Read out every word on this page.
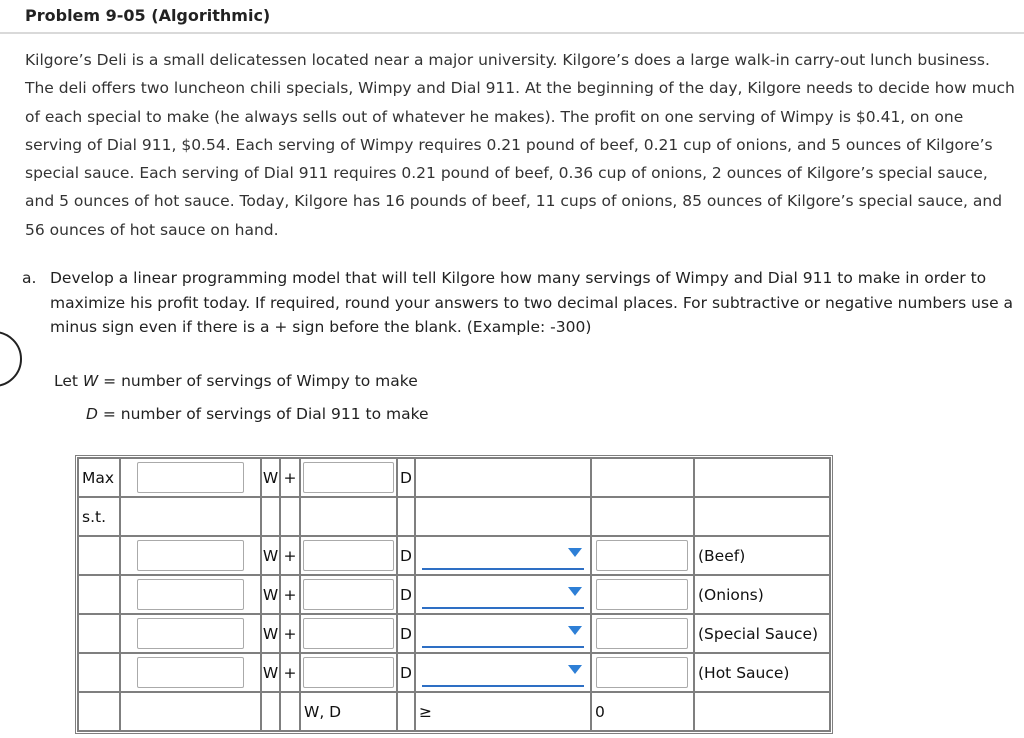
Problem 9-05 (Algorithmic)
Kilgore’s Deli is a small delicatessen located near a major university. Kilgore’s does a large walk-in carry-out lunch business. The deli offers two luncheon chili specials, Wimpy and Dial 911. At the beginning of the day, Kilgore needs to decide how much of each special to make (he always sells out of whatever he makes). The profit on one serving of Wimpy is $0.41, on one serving of Dial 911, $0.54. Each serving of Wimpy requires 0.21 pound of beef, 0.21 cup of onions, and 5 ounces of Kilgore’s special sauce. Each serving of Dial 911 requires 0.21 pound of beef, 0.36 cup of onions, 2 ounces of Kilgore’s special sauce, and 5 ounces of hot sauce. Today, Kilgore has 16 pounds of beef, 11 cups of onions, 85 ounces of Kilgore’s special sauce, and 56 ounces of hot sauce on hand.
a. Develop a linear programming model that will tell Kilgore how many servings of Wimpy and Dial 911 to make in order to maximize his profit today. If required, round your answers to two decimal places. For subtractive or negative numbers use a minus sign even if there is a + sign before the blank. (Example: -300)
Let W = number of servings of Wimpy to make
D = number of servings of Dial 911 to make
Max		W	+		D			
s.t.								

	W	+		D			(Beef)

	W	+		D			(Onions)

	W	+		D			(Special Sauce)

	W	+		D			(Hot Sauce)
				W, D		≥	0	
